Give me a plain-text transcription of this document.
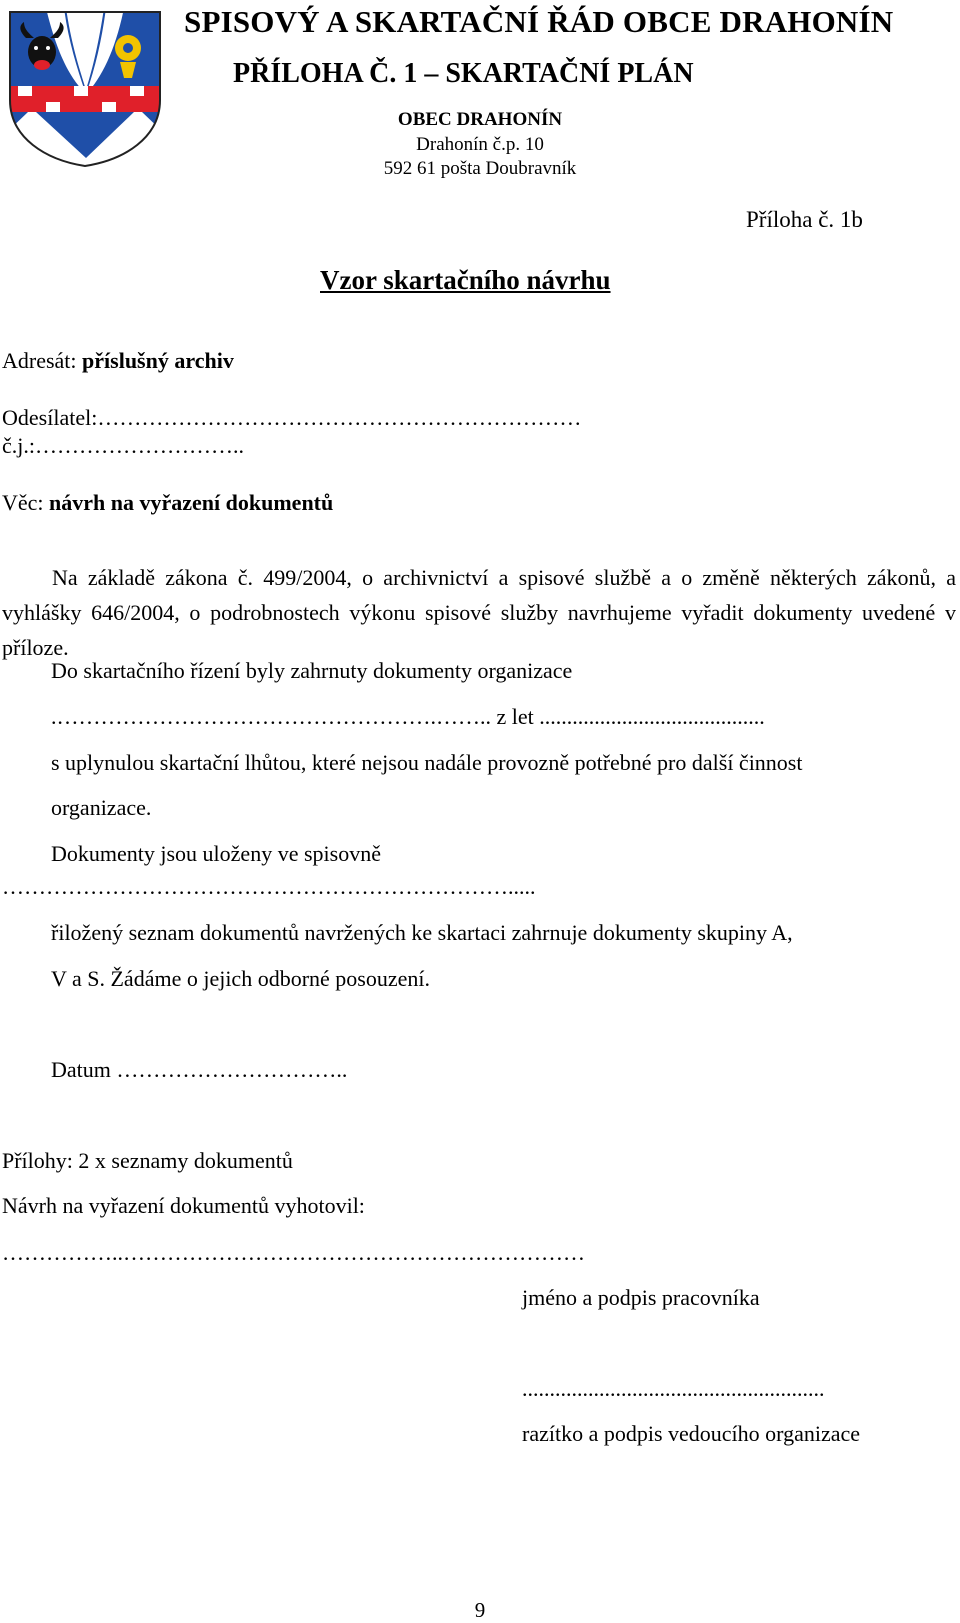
SPISOVÝ A SKARTAČNÍ ŘÁD OBCE DRAHONÍN
PŘÍLOHA Č. 1 – SKARTAČNÍ PLÁN
OBEC DRAHONÍN
Drahonín č.p. 10
592 61 pošta Doubravník
Příloha č. 1b
Vzor skartačního návrhu
Adresát: příslušný archiv
Odesílatel:…………………………………………………………
č.j.:………………………..
Věc: návrh na vyřazení dokumentů
Na základě zákona č. 499/2004, o archivnictví a spisové službě a o změně některých zákonů, a vyhlášky 646/2004, o podrobnostech výkonu spisové služby navrhujeme vyřadit dokumenty uvedené v příloze.
Do skartačního řízení byly zahrnuty dokumenty organizace
.…………………………………………….…….. z let .........................................
s uplynulou skartační lhůtou, které nejsou nadále provozně potřebné pro další činnost
organizace.
Dokumenty jsou uloženy ve spisovně
…………………………………………………………….....
řiložený seznam dokumentů navržených ke skartaci zahrnuje dokumenty skupiny A,
V a S. Žádáme o jejich odborné posouzení.
Datum …………………………..
Přílohy: 2 x seznamy dokumentů
Návrh na vyřazení dokumentů vyhotovil:
……………..………………………………………………………
jméno a podpis pracovníka
.......................................................
razítko a podpis vedoucího organizace
9
